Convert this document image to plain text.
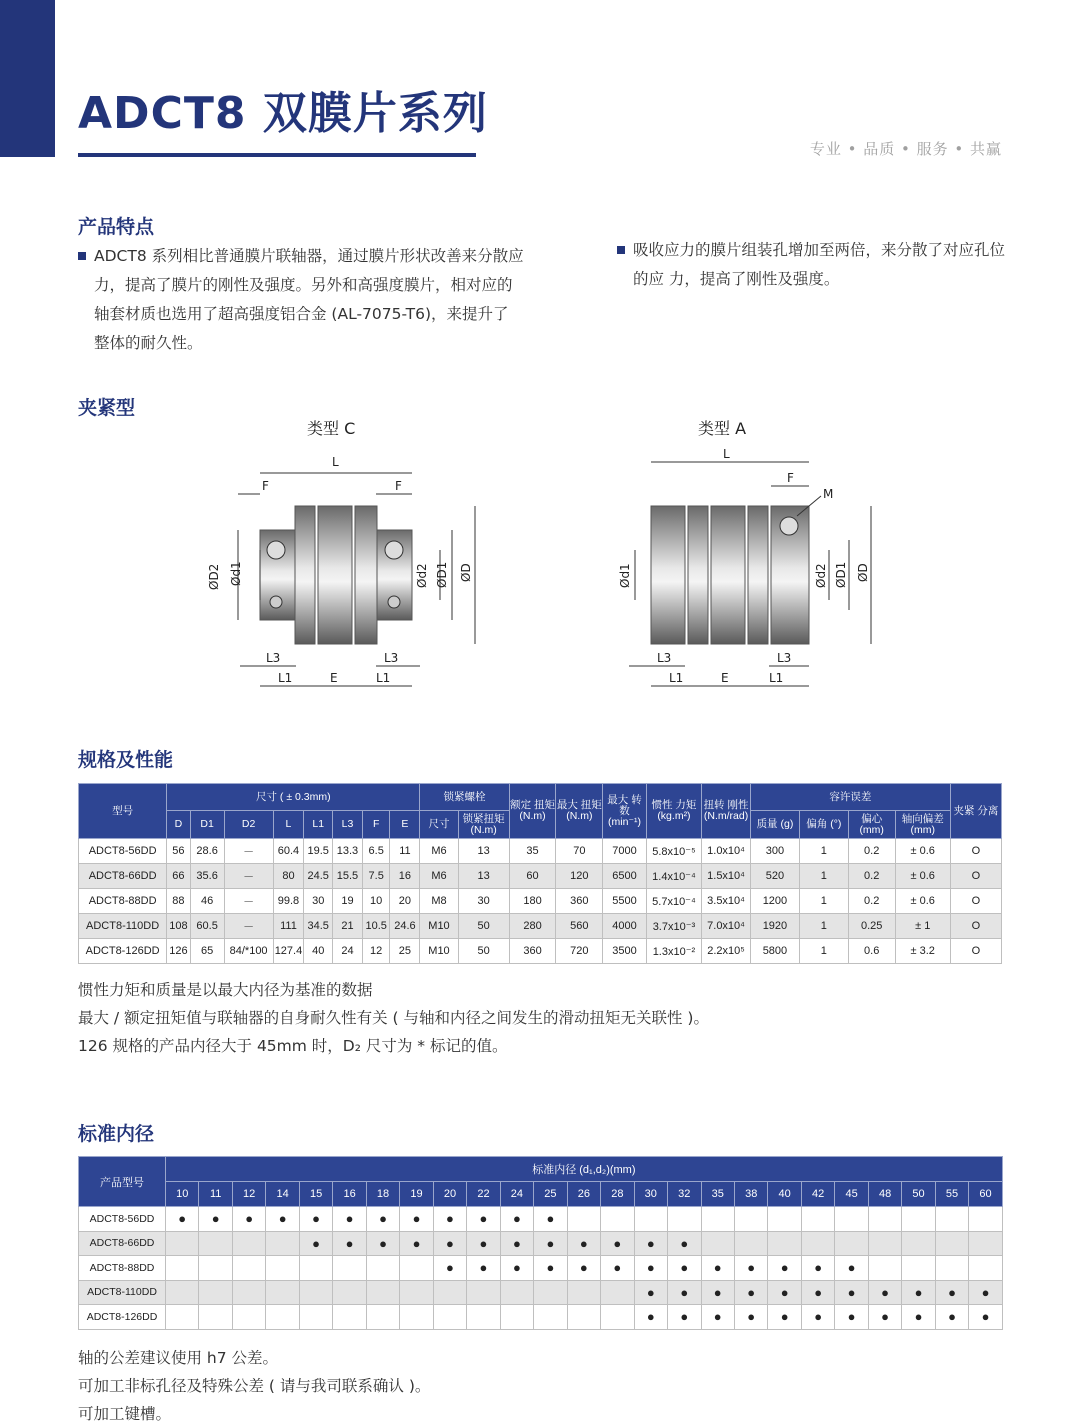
ADCT8 双膜片系列
专业 • 品质 • 服务 • 共赢
产品特点
ADCT8 系列相比普通膜片联轴器，通过膜片形状改善来分散应力，提高了膜片的刚性及强度。另外和高强度膜片，相对应的轴套材质也选用了超高强度铝合金 (AL-7075-T6)，来提升了整体的耐久性。
吸收应力的膜片组装孔增加至两倍，来分散了对应孔位的应 力，提高了刚性及强度。
夹紧型
类型 C	类型 A
L
F	F
ØD2 Ød1	Ød2 ØD1 ØD
L3	L3
L1	E	L1
L
F
M
Ød1	Ød2 ØD1 ØD
L3	L3
L1	E	L1
规格及性能
型号	尺寸 ( ± 0.3mm)								锁紧螺栓		额定 扭矩 (N.m)	最大 扭矩 (N.m)	最大 转数 (min⁻¹)	惯性 力矩 (kg.m²)	扭转 刚性 (N.m/rad)	容许误差				夹紧 分离
	D	D1	D2	L	L1	L3	F	E	尺寸	锁紧扭矩 (N.m)						质量 (g)	偏角 (°)	偏心 (mm)	轴向偏差 (mm)	
ADCT8-56DD	56	28.6	－	60.4	19.5	13.3	6.5	11	M6	13	35	70	7000	5.8x10⁻⁵	1.0x10⁴	300	1	0.2	± 0.6	O
ADCT8-66DD	66	35.6	－	80	24.5	15.5	7.5	16	M6	13	60	120	6500	1.4x10⁻⁴	1.5x10⁴	520	1	0.2	± 0.6	O
ADCT8-88DD	88	46	－	99.8	30	19	10	20	M8	30	180	360	5500	5.7x10⁻⁴	3.5x10⁴	1200	1	0.2	± 0.6	O
ADCT8-110DD	108	60.5	－	111	34.5	21	10.5	24.6	M10	50	280	560	4000	3.7x10⁻³	7.0x10⁴	1920	1	0.25	± 1	O
ADCT8-126DD	126	65	84/*100	127.4	40	24	12	25	M10	50	360	720	3500	1.3x10⁻²	2.2x10⁵	5800	1	0.6	± 3.2	O
惯性力矩和质量是以最大内径为基准的数据
最大 / 额定扭矩值与联轴器的自身耐久性有关 ( 与轴和内径之间发生的滑动扭矩无关联性 )。
126 规格的产品内径大于 45mm 时，D₂ 尺寸为 * 标记的值。
标准内径
产品型号	标准内径 (d₁,d₂)(mm)																								
	10	11	12	14	15	16	18	19	20	22	24	25	26	28	30	32	35	38	40	42	45	48	50	55	60
ADCT8-56DD	●	●	●	●	●	●	●	●	●	●	●	●													
ADCT8-66DD					●	●	●	●	●	●	●	●	●	●	●	●									
ADCT8-88DD									●	●	●	●	●	●	●	●	●	●	●	●	●				
ADCT8-110DD															●	●	●	●	●	●	●	●	●	●	●
ADCT8-126DD															●	●	●	●	●	●	●	●	●	●	●
轴的公差建议使用 h7 公差。
可加工非标孔径及特殊公差 ( 请与我司联系确认 )。
可加工键槽。
